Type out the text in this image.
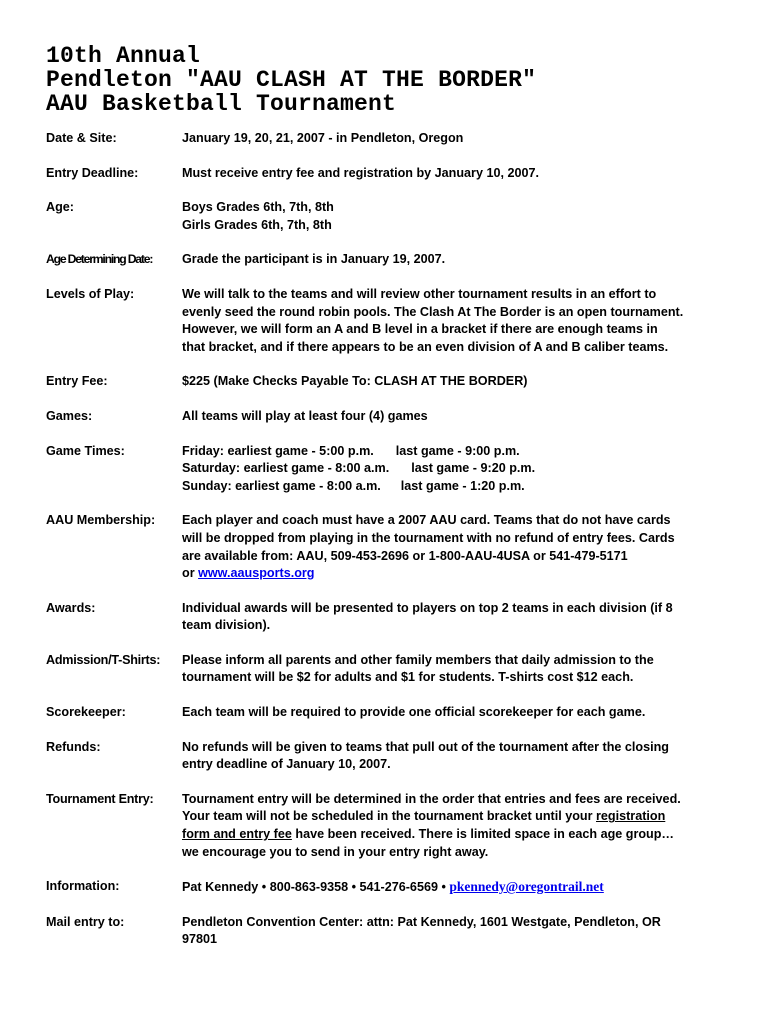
10th Annual
Pendleton "AAU CLASH AT THE BORDER"
AAU Basketball Tournament
Date & Site:	January 19, 20, 21, 2007 - in Pendleton, Oregon
Entry Deadline:	Must receive entry fee and registration by January 10, 2007.
Age:	Boys Grades 6th, 7th, 8th
Girls Grades 6th, 7th, 8th
Age Determining Date:	Grade the participant is in January 19, 2007.
Levels of Play:	We will talk to the teams and will review other tournament results in an effort to
evenly seed the round robin pools. The Clash At The Border is an open tournament.
However, we will form an A and B level in a bracket if there are enough teams in
that bracket, and if there appears to be an even division of A and B caliber teams.
Entry Fee:	$225 (Make Checks Payable To: CLASH AT THE BORDER)
Games:	All teams will play at least four (4) games
Game Times:	Friday: earliest game - 5:00 p.m. last game - 9:00 p.m.
Saturday: earliest game - 8:00 a.m. last game - 9:20 p.m.
Sunday: earliest game - 8:00 a.m. last game - 1:20 p.m.
AAU Membership:	Each player and coach must have a 2007 AAU card. Teams that do not have cards
will be dropped from playing in the tournament with no refund of entry fees. Cards
are available from: AAU, 509-453-2696 or 1-800-AAU-4USA or 541-479-5171
or www.aausports.org
Awards:	Individual awards will be presented to players on top 2 teams in each division (if 8
team division).
Admission/T-Shirts:	Please inform all parents and other family members that daily admission to the
tournament will be $2 for adults and $1 for students. T-shirts cost $12 each.
Scorekeeper:	Each team will be required to provide one official scorekeeper for each game.
Refunds:	No refunds will be given to teams that pull out of the tournament after the closing
entry deadline of January 10, 2007.
Tournament Entry:	Tournament entry will be determined in the order that entries and fees are received.
Your team will not be scheduled in the tournament bracket until your registration
form and entry fee have been received. There is limited space in each age group…
we encourage you to send in your entry right away.
Information:	Pat Kennedy • 800-863-9358 • 541-276-6569 • pkennedy@oregontrail.net
Mail entry to:	Pendleton Convention Center: attn: Pat Kennedy, 1601 Westgate, Pendleton, OR
97801
